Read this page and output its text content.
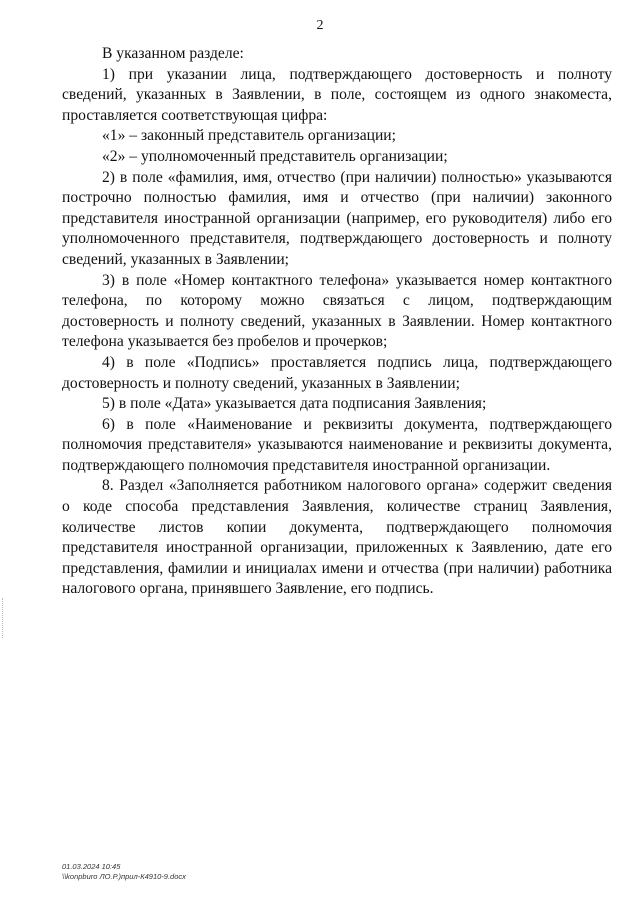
2

В указанном разделе:

1) при указании лица, подтверждающего достоверность и полноту сведений, указанных в Заявлении, в поле, состоящем из одного знакоместа, проставляется соответствующая цифра:

«1» – законный представитель организации;

«2» – уполномоченный представитель организации;

2) в поле «фамилия, имя, отчество (при наличии) полностью» указываются построчно полностью фамилия, имя и отчество (при наличии) законного представителя иностранной организации (например, его руководителя) либо его уполномоченного представителя, подтверждающего достоверность и полноту сведений, указанных в Заявлении;

3) в поле «Номер контактного телефона» указывается номер контактного телефона, по которому можно связаться с лицом, подтверждающим достоверность и полноту сведений, указанных в Заявлении. Номер контактного телефона указывается без пробелов и прочерков;

4) в поле «Подпись» проставляется подпись лица, подтверждающего достоверность и полноту сведений, указанных в Заявлении;

5) в поле «Дата» указывается дата подписания Заявления;

6) в поле «Наименование и реквизиты документа, подтверждающего полномочия представителя» указываются наименование и реквизиты документа, подтверждающего полномочия представителя иностранной организации.

8. Раздел «Заполняется работником налогового органа» содержит сведения о коде способа представления Заявления, количестве страниц Заявления, количестве листов копии документа, подтверждающего полномочия представителя иностранной организации, приложенных к Заявлению, дате его представления, фамилии и инициалах имени и отчества (при наличии) работника налогового органа, принявшего Заявление, его подпись.

01.03.2024 10:45
\\konpburo ЛО.Р.)прил-К4910-9.docx
